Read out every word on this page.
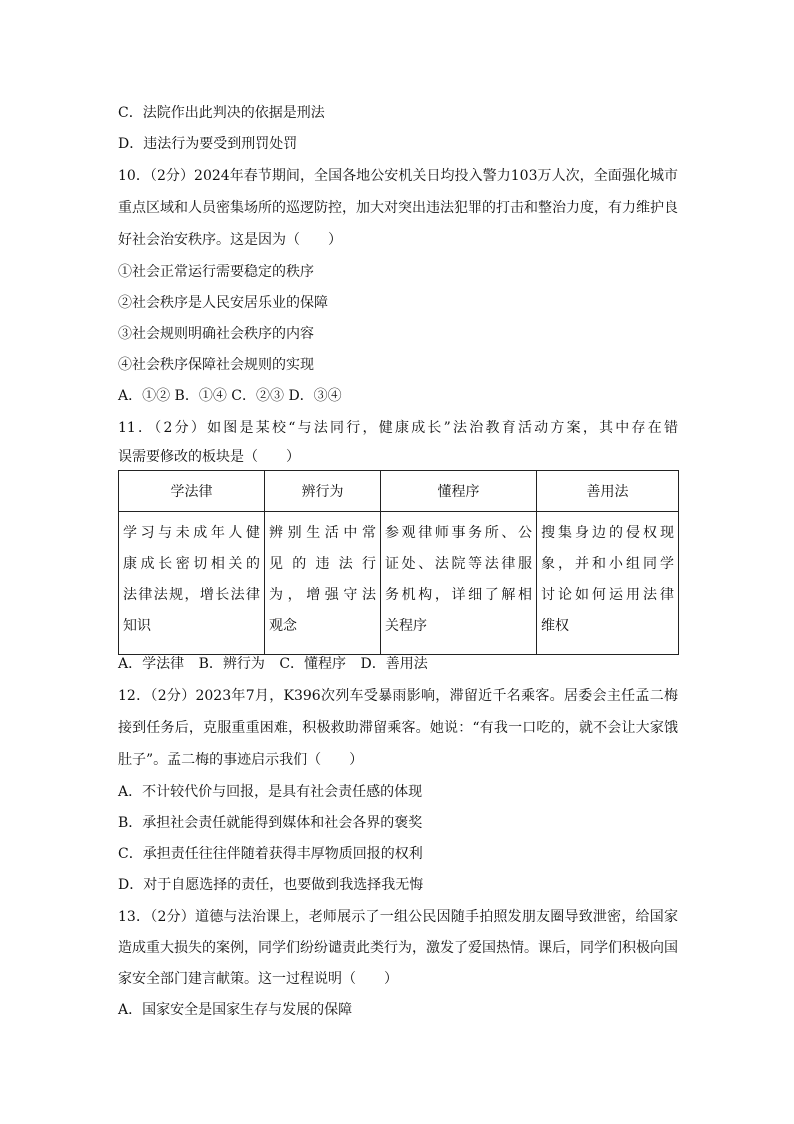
C．法院作出此判决的依据是刑法
D．违法行为要受到刑罚处罚
10．（2分）2024年春节期间，全国各地公安机关日均投入警力103万人次，全面强化城市
重点区域和人员密集场所的巡逻防控，加大对突出违法犯罪的打击和整治力度，有力维护良
好社会治安秩序。这是因为（　　）
①社会正常运行需要稳定的秩序
②社会秩序是人民安居乐业的保障
③社会规则明确社会秩序的内容
④社会秩序保障社会规则的实现
A．①② B．①④ C．②③ D．③④
11．（2分）如图是某校“与法同行，健康成长”法治教育活动方案，其中存在错
误需要修改的板块是（　　）
学法律	辨行为	懂程序	善用法

学习与未成年人健
康成长密切相关的
法律法规，增长法律
知识	辨别生活中常
见的违法行
为，增强守法
观念	参观律师事务所、公
证处、法院等法律服
务机构，详细了解相
关程序	搜集身边的侵权现
象，并和小组同学
讨论如何运用法律
维权
A．学法律 B．辨行为 C．懂程序 D．善用法
12．（2分）2023年7月，K396次列车受暴雨影响，滞留近千名乘客。居委会主任孟二梅
接到任务后，克服重重困难，积极救助滞留乘客。她说：“有我一口吃的，就不会让大家饿
肚子”。孟二梅的事迹启示我们（　　）
A．不计较代价与回报，是具有社会责任感的体现
B．承担社会责任就能得到媒体和社会各界的褒奖
C．承担责任往往伴随着获得丰厚物质回报的权利
D．对于自愿选择的责任，也要做到我选择我无悔
13．（2分）道德与法治课上，老师展示了一组公民因随手拍照发朋友圈导致泄密，给国家
造成重大损失的案例，同学们纷纷谴责此类行为，激发了爱国热情。课后，同学们积极向国
家安全部门建言献策。这一过程说明（　　）
A．国家安全是国家生存与发展的保障
